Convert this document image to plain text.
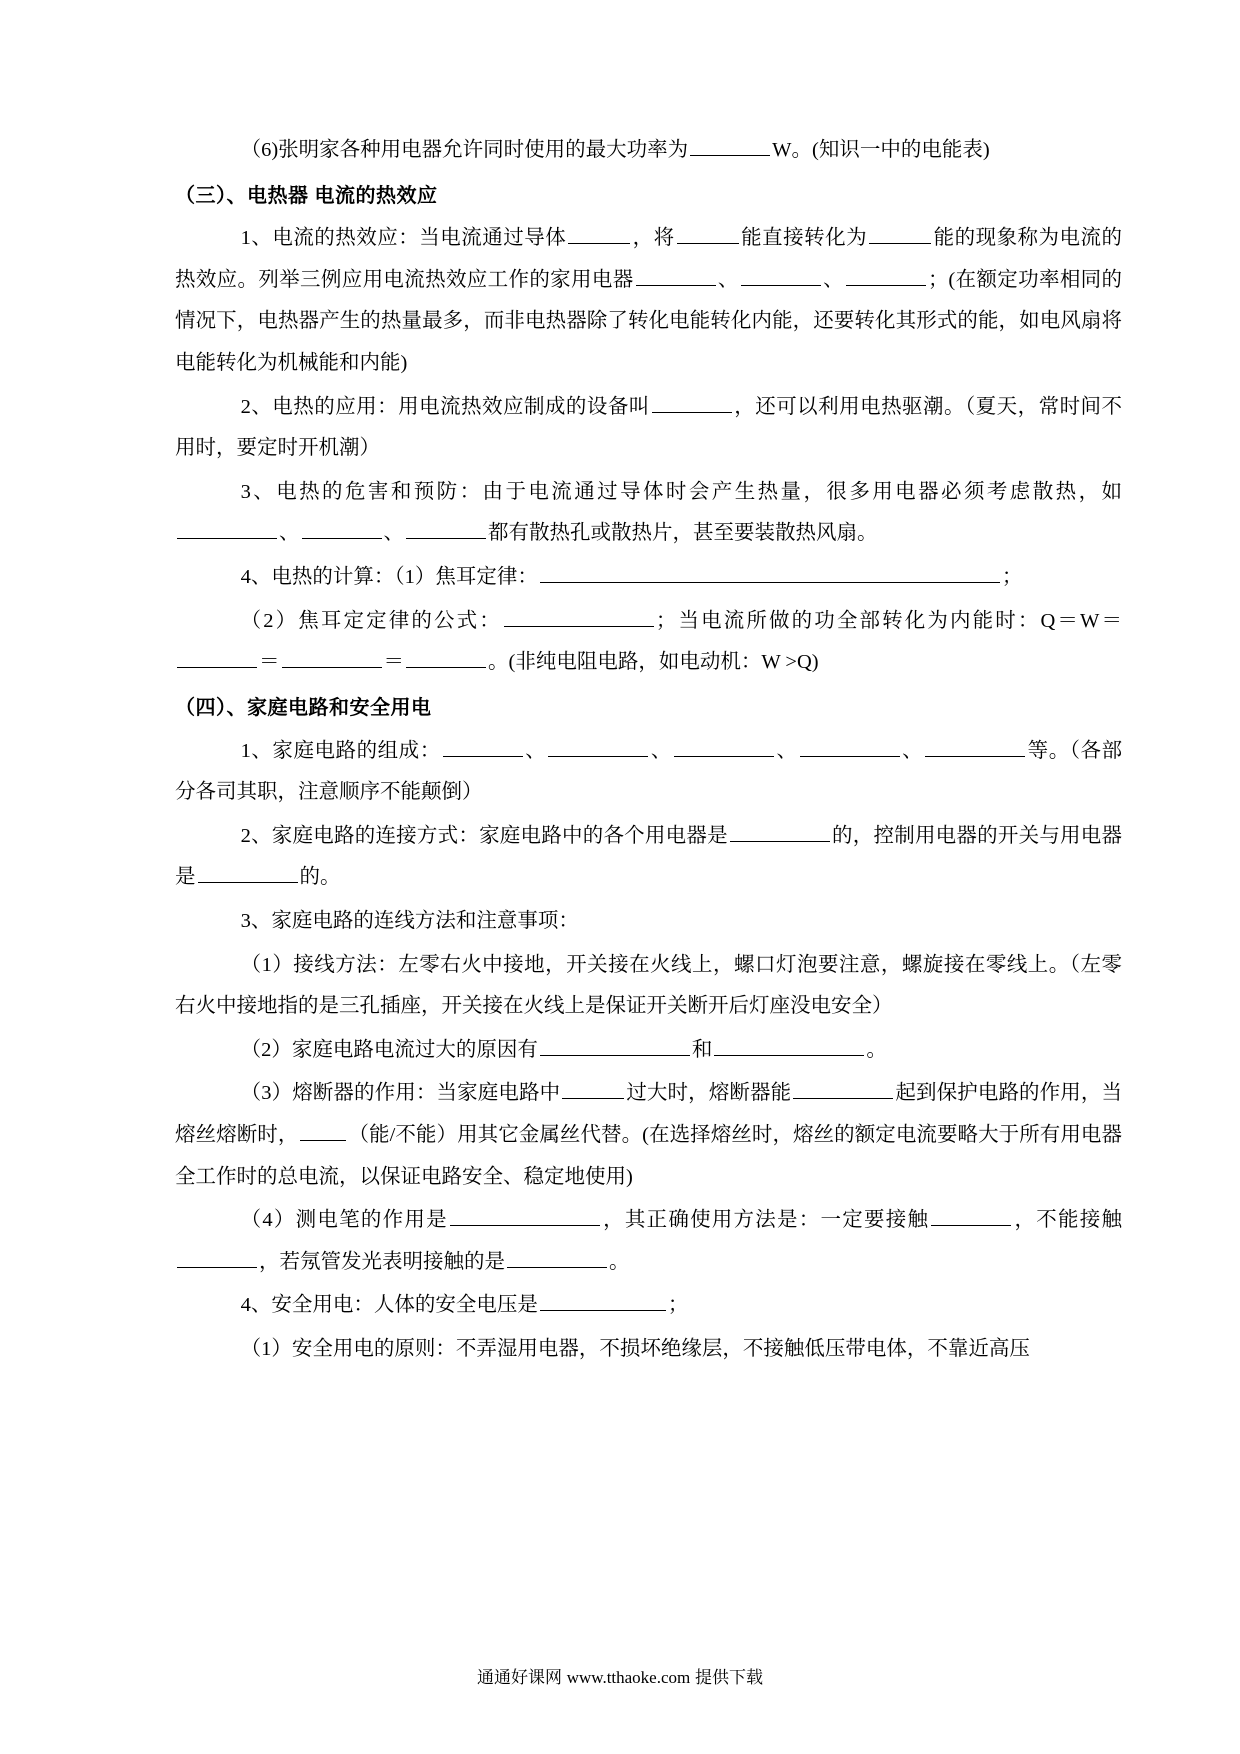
（6)张明家各种用电器允许同时使用的最大功率为	W。(知识一中的电能表)

（三）、电热器 电流的热效应

1、电流的热效应：当电流通过导体	，将	能直接转化为	能的现象称为电流的热效应。列举三例应用电流热效应工作的家用电器	、	、	；(在额定功率相同的情况下，电热器产生的热量最多，而非电热器除了转化电能转化内能，还要转化其形式的能，如电风扇将电能转化为机械能和内能)

2、电热的应用：用电流热效应制成的设备叫	，还可以利用电热驱潮。（夏天，常时间不用时，要定时开机潮）

3、电热的危害和预防：由于电流通过导体时会产生热量，很多用电器必须考虑散热，如、	、	都有散热孔或散热片，甚至要装散热风扇。

4、电热的计算：（1）焦耳定律：	；

（2）焦耳定定律的公式：	；当电流所做的功全部转化为内能时：Q＝W＝＝	＝	。(非纯电阻电路，如电动机：W >Q)

（四）、家庭电路和安全用电

1、家庭电路的组成：	、	、	、	、	等。（各部分各司其职，注意顺序不能颠倒）

2、家庭电路的连接方式：家庭电路中的各个用电器是	的，控制用电器的开关与用电器是	的。

3、家庭电路的连线方法和注意事项：

（1）接线方法：左零右火中接地，开关接在火线上，螺口灯泡要注意，螺旋接在零线上。（左零右火中接地指的是三孔插座，开关接在火线上是保证开关断开后灯座没电安全）

（2）家庭电路电流过大的原因有	和	。

（3）熔断器的作用：当家庭电路中	过大时，熔断器能	起到保护电路的作用，当熔丝熔断时， （能/不能）用其它金属丝代替。(在选择熔丝时，熔丝的额定电流要略大于所有用电器全工作时的总电流，以保证电路安全、稳定地使用)

（4）测电笔的作用是	，其正确使用方法是：一定要接触	，不能接触，若氖管发光表明接触的是	。

4、安全用电：人体的安全电压是	；

（1）安全用电的原则：不弄湿用电器，不损坏绝缘层，不接触低压带电体，不靠近高压

通通好课网 www.tthaoke.com 提供下载
